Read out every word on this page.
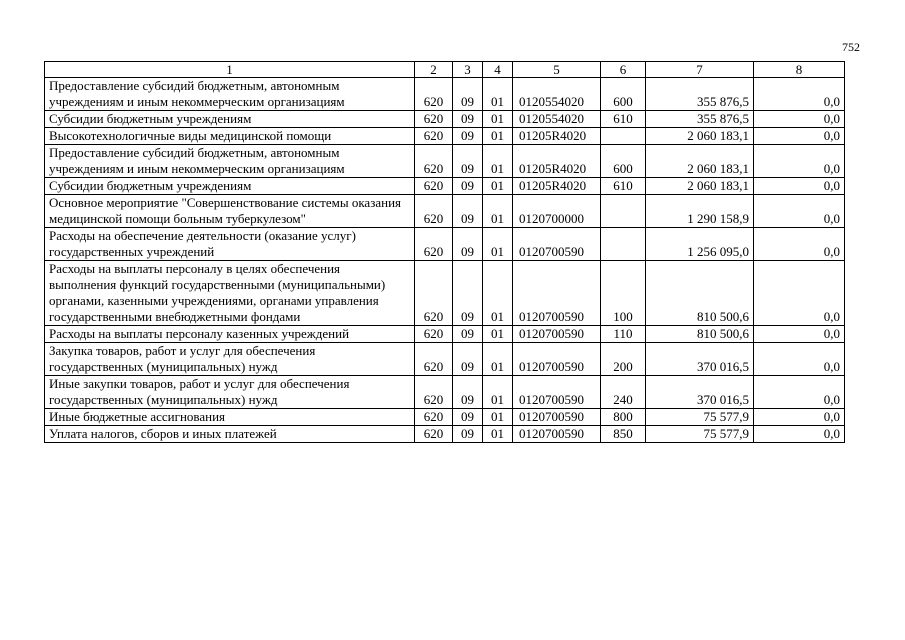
752
1	2	3	4	5	6	7	8
Предоставление субсидий бюджетным, автономным учреждениям и иным некоммерческим организациям	620	09	01	0120554020	600	355 876,5	0,0
Субсидии бюджетным учреждениям	620	09	01	0120554020	610	355 876,5	0,0
Высокотехнологичные виды медицинской помощи	620	09	01	01205R4020		2 060 183,1	0,0
Предоставление субсидий бюджетным, автономным учреждениям и иным некоммерческим организациям	620	09	01	01205R4020	600	2 060 183,1	0,0
Субсидии бюджетным учреждениям	620	09	01	01205R4020	610	2 060 183,1	0,0
Основное мероприятие "Совершенствование системы оказания медицинской помощи больным туберкулезом"	620	09	01	0120700000		1 290 158,9	0,0
Расходы на обеспечение деятельности (оказание услуг) государственных учреждений	620	09	01	0120700590		1 256 095,0	0,0
Расходы на выплаты персоналу в целях обеспечения выполнения функций государственными (муниципальными) органами, казенными учреждениями, органами управления государственными внебюджетными фондами	620	09	01	0120700590	100	810 500,6	0,0
Расходы на выплаты персоналу казенных учреждений	620	09	01	0120700590	110	810 500,6	0,0
Закупка товаров, работ и услуг для обеспечения государственных (муниципальных) нужд	620	09	01	0120700590	200	370 016,5	0,0
Иные закупки товаров, работ и услуг для обеспечения государственных (муниципальных) нужд	620	09	01	0120700590	240	370 016,5	0,0
Иные бюджетные ассигнования	620	09	01	0120700590	800	75 577,9	0,0
Уплата налогов, сборов и иных платежей	620	09	01	0120700590	850	75 577,9	0,0
